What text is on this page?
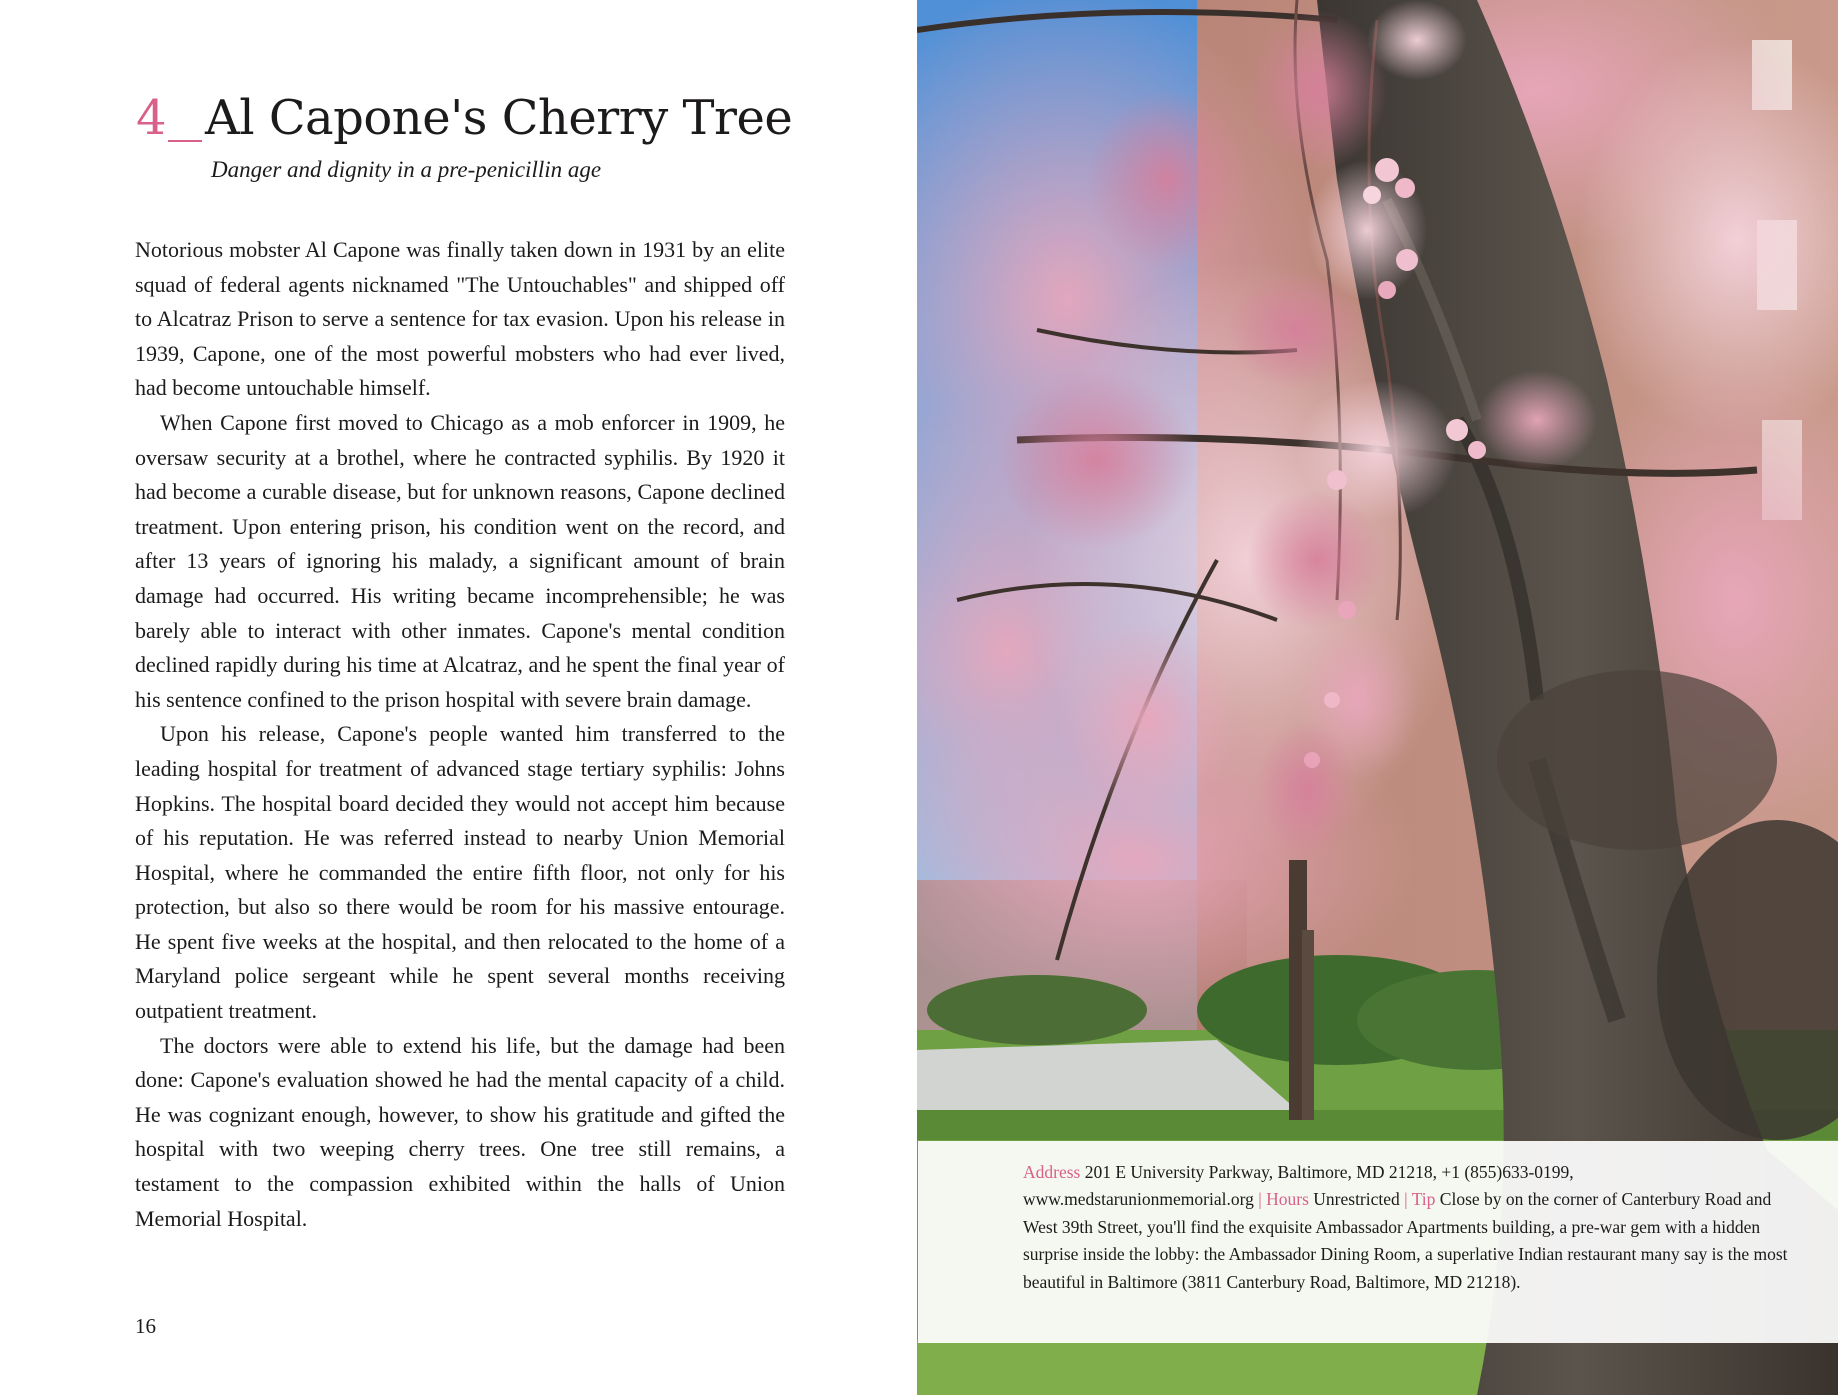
4 Al Capone's Cherry Tree

Danger and dignity in a pre-penicillin age

Notorious mobster Al Capone was finally taken down in 1931 by an elite squad of federal agents nicknamed "The Untouchables" and shipped off to Alcatraz Prison to serve a sentence for tax evasion. Upon his release in 1939, Capone, one of the most powerful mobsters who had ever lived, had become untouchable himself.

When Capone first moved to Chicago as a mob enforcer in 1909, he oversaw security at a brothel, where he contracted syphilis. By 1920 it had become a curable disease, but for unknown reasons, Capone declined treatment. Upon entering prison, his condition went on the record, and after 13 years of ignoring his malady, a significant amount of brain damage had occurred. His writing became incomprehensible; he was barely able to interact with other inmates. Capone's mental condition declined rapidly during his time at Alcatraz, and he spent the final year of his sentence confined to the prison hospital with severe brain damage.

Upon his release, Capone's people wanted him transferred to the leading hospital for treatment of advanced stage tertiary syphilis: Johns Hopkins. The hospital board decided they would not accept him because of his reputation. He was referred instead to nearby Union Memorial Hospital, where he commanded the entire fifth floor, not only for his protection, but also so there would be room for his massive entourage. He spent five weeks at the hospital, and then relocated to the home of a Maryland police sergeant while he spent several months receiving outpatient treatment.

The doctors were able to extend his life, but the damage had been done: Capone's evaluation showed he had the mental capacity of a child. He was cognizant enough, however, to show his gratitude and gifted the hospital with two weeping cherry trees. One tree still remains, a testament to the compassion exhibited within the halls of Union Memorial Hospital.

16

Address 201 E University Parkway, Baltimore, MD 21218, +1 (855)633-0199, www.medstarunionmemorial.org | Hours Unrestricted | Tip Close by on the corner of Canterbury Road and West 39th Street, you'll find the exquisite Ambassador Apartments building, a pre-war gem with a hidden surprise inside the lobby: the Ambassador Dining Room, a superlative Indian restaurant many say is the most beautiful in Baltimore (3811 Canterbury Road, Baltimore, MD 21218).
